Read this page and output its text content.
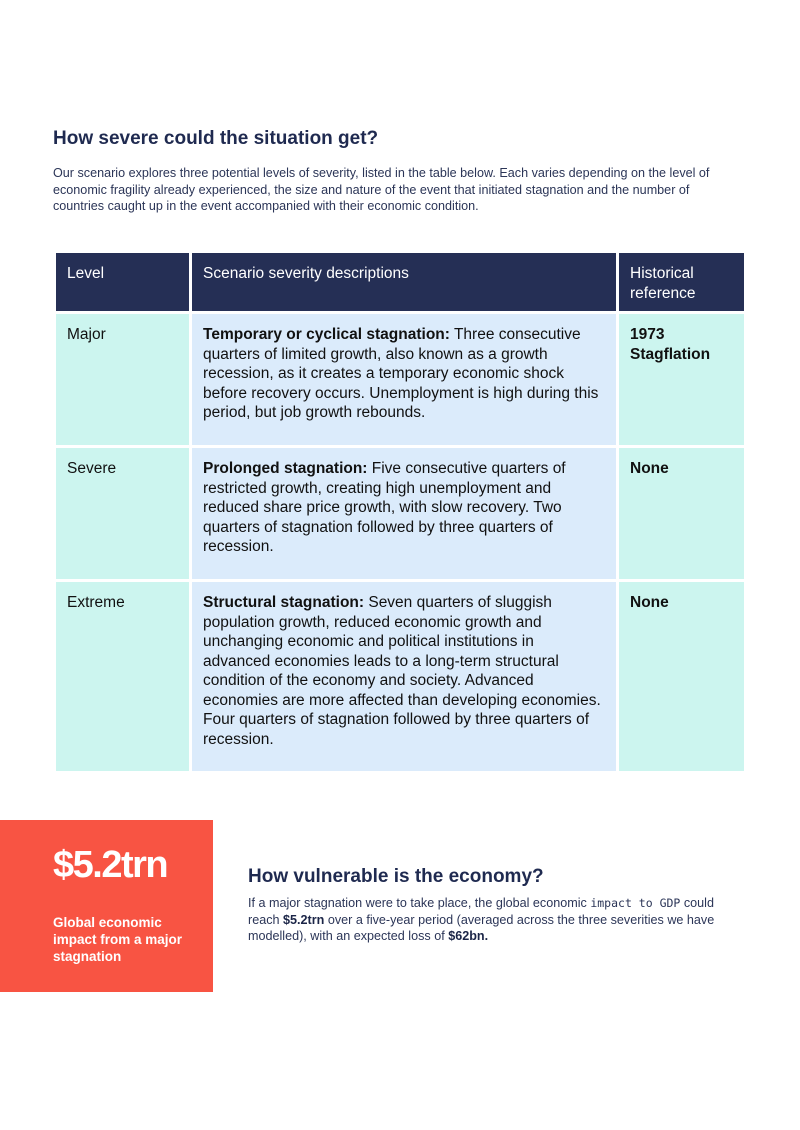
How severe could the situation get?

Our scenario explores three potential levels of severity, listed in the table below. Each varies depending on the level of economic fragility already experienced, the size and nature of the event that initiated stagnation and the number of countries caught up in the event accompanied with their economic condition.

Level	Scenario severity descriptions	Historical reference
Major	Temporary or cyclical stagnation: Three consecutive quarters of limited growth, also known as a growth recession, as it creates a temporary economic shock before recovery occurs. Unemployment is high during this period, but job growth rebounds.	1973 Stagflation
Severe	Prolonged stagnation: Five consecutive quarters of restricted growth, creating high unemployment and reduced share price growth, with slow recovery. Two quarters of stagnation followed by three quarters of recession.	None
Extreme	Structural stagnation: Seven quarters of sluggish population growth, reduced economic growth and unchanging economic and political institutions in advanced economies leads to a long-term structural condition of the economy and society. Advanced economies are more affected than developing economies. Four quarters of stagnation followed by three quarters of recession.	None
$5.2trn
Global economic impact from a major stagnation
How vulnerable is the economy?

If a major stagnation were to take place, the global economic impact to GDP could reach $5.2trn over a five-year period (averaged across the three severities we have modelled), with an expected loss of $62bn.
